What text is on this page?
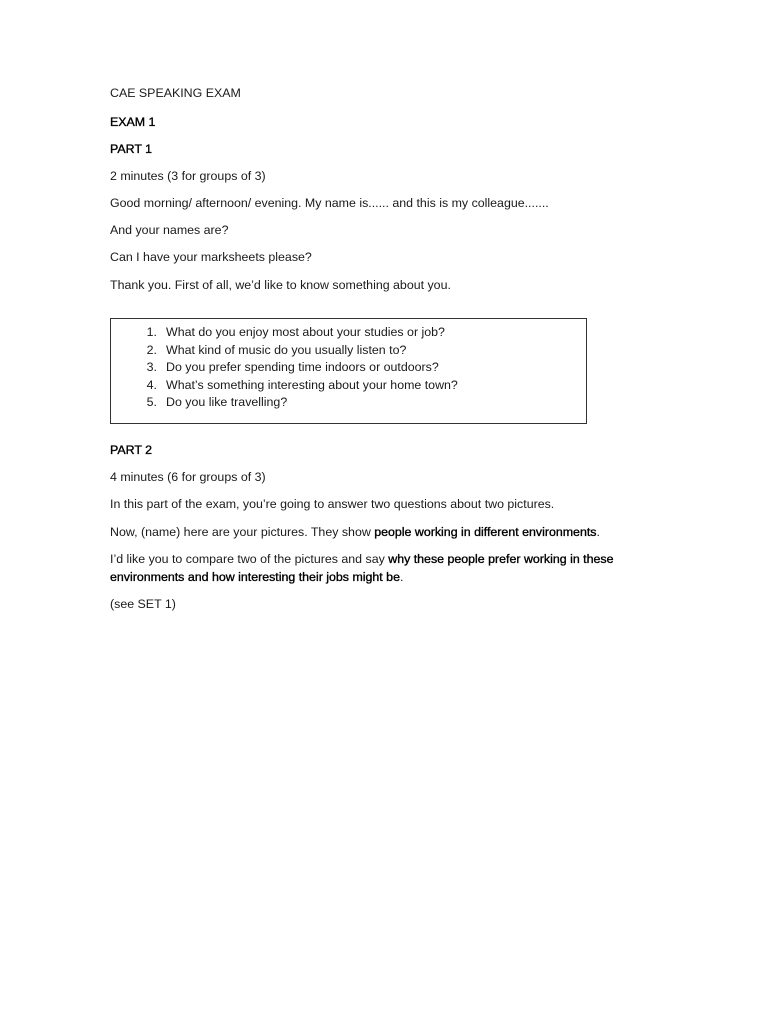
CAE SPEAKING EXAM

EXAM 1

PART 1

2 minutes (3 for groups of 3)

Good morning/ afternoon/ evening. My name is...... and this is my colleague.......

And your names are?

Can I have your marksheets please?

Thank you. First of all, we’d like to know something about you.

1. What do you enjoy most about your studies or job?
2. What kind of music do you usually listen to?
3. Do you prefer spending time indoors or outdoors?
4. What’s something interesting about your home town?
5. Do you like travelling?

PART 2

4 minutes (6 for groups of 3)

In this part of the exam, you’re going to answer two questions about two pictures.

Now, (name) here are your pictures. They show people working in different environments.

I’d like you to compare two of the pictures and say why these people prefer working in these

environments and how interesting their jobs might be.

(see SET 1)
